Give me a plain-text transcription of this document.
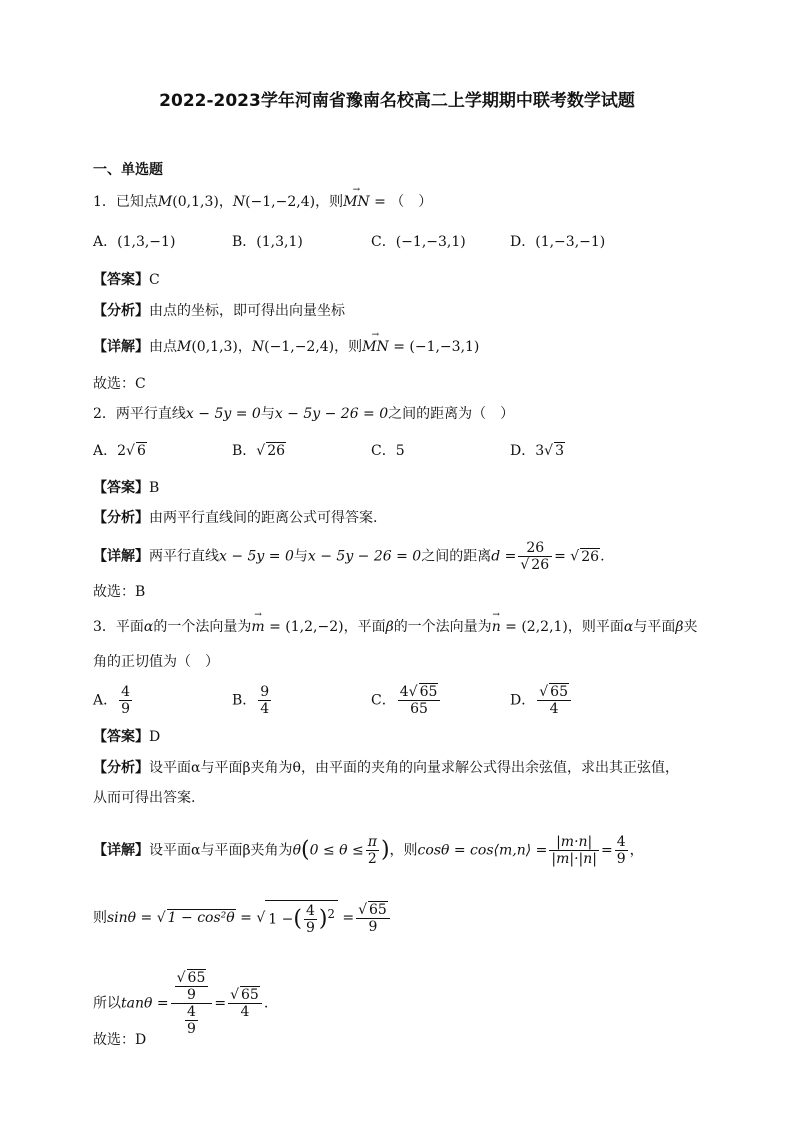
2022-2023学年河南省豫南名校高二上学期期中联考数学试题
一、单选题
1．已知点M(0,1,3)，N(−1,−2,4)，则→ MN = （　）
A．(1,3,−1)	B．(1,3,1)	C．(−1,−3,1)	D．(1,−3,−1)
【答案】C
【分析】由点的坐标，即可得出向量坐标
【详解】由点M(0,1,3)，N(−1,−2,4)，则→ MN = (−1,−3,1)
故选：C
2．两平行直线x − 5y = 0与x − 5y − 26 = 0之间的距离为（　）
A．2√ 6	B．√ 26	C．5	D．3√ 3
【答案】B
【分析】由两平行直线间的距离公式可得答案.
【详解】两平行直线x − 5y = 0与x − 5y − 26 = 0之间的距离$d = \frac{26}{√ 26}$ = √ 26.
故选：B
3．平面α的一个法向量为→ m = (1,2,−2)，平面β的一个法向量为→ n = (2,2,1)，则平面α与平面β夹
角的正切值为（　）
A． $\frac{4}{9}$	B． $\frac{9}{4}$	C． $\frac{4√ 65}{65}$	D． $\frac{√ 65}{4}$
【答案】D
【分析】设平面α与平面β夹角为θ，由平面的夹角的向量求解公式得出余弦值，求出其正弦值，
从而可得出答案.
【详解】设平面α与平面β夹角为$\theta(0 \le \theta \le \frac{\pi}{2}$ )，则cosθ = cos⟨m,n⟩ = $\frac{|m\cdot n|}{|m|\cdot|n|} = \frac{4}{9}$ ，
则sinθ = √ 1 − cos²θ = √ 1 −( $\frac{4}{9} )^2 = \frac{√ 65}{9}$
所以$\tan\theta = \frac{\frac{√ 65}{9}}{\frac{4}{9}} = \frac{√ 65}{4}$ .
故选：D
